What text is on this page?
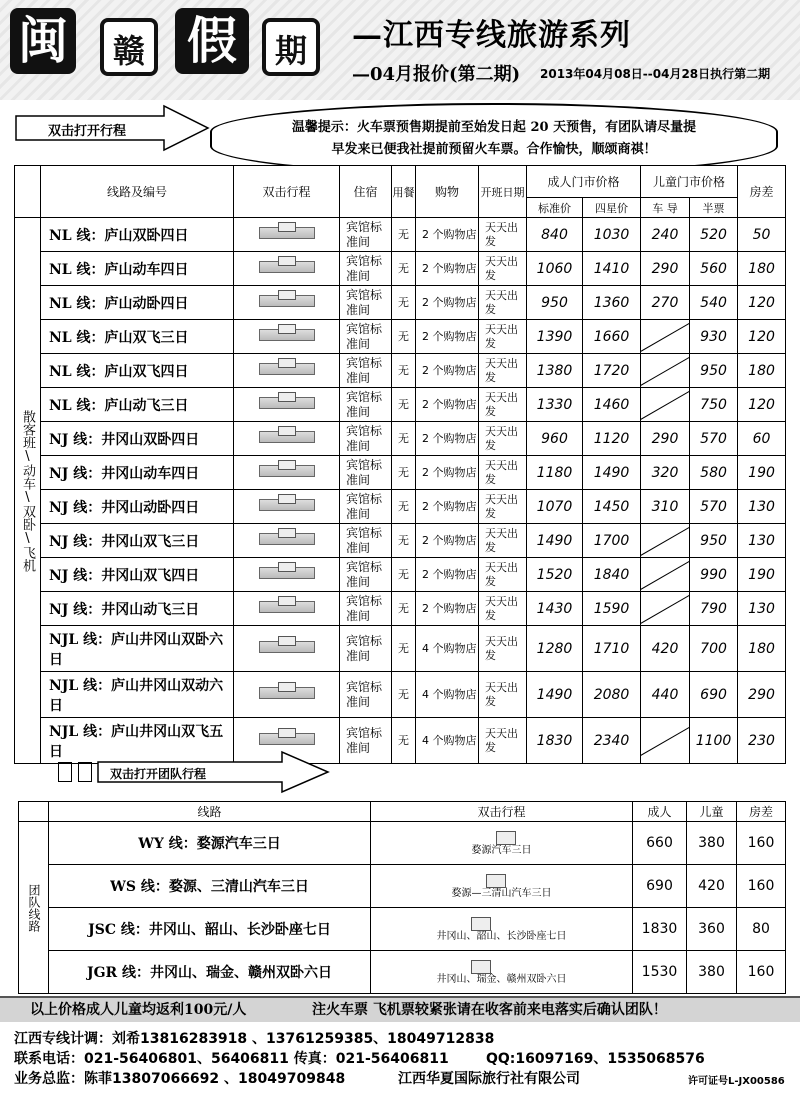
闽	赣 假	期	—江西专线旅游系列
—04月报价(第二期) 2013年04月08日--04月28日执行第二期
双击打开行程	温馨提示：火车票预售期提前至始发日起 20 天预售，有团队请尽量提
早发来已便我社提前预留火车票。合作愉快，顺颂商祺！
	线路及编号	双击行程	住宿	用餐	购物	开班日期	成人门市价格		儿童门市价格		房差
							标准价	四星价	车 导	半票	

散客班\动车\双卧\飞机	NL 线：庐山双卧四日		宾馆标准间	无	2 个购物店	天天出发	840	1030	240	520	50
	NL 线：庐山动车四日		宾馆标准间	无	2 个购物店	天天出发	1060	1410	290	560	180
	NL 线：庐山动卧四日		宾馆标准间	无	2 个购物店	天天出发	950	1360	270	540	120
	NL 线：庐山双飞三日		宾馆标准间	无	2 个购物店	天天出发	1390	1660		930	120
	NL 线：庐山双飞四日		宾馆标准间	无	2 个购物店	天天出发	1380	1720		950	180
	NL 线：庐山动飞三日		宾馆标准间	无	2 个购物店	天天出发	1330	1460		750	120
	NJ 线：井冈山双卧四日		宾馆标准间	无	2 个购物店	天天出发	960	1120	290	570	60
	NJ 线：井冈山动车四日		宾馆标准间	无	2 个购物店	天天出发	1180	1490	320	580	190
	NJ 线：井冈山动卧四日		宾馆标准间	无	2 个购物店	天天出发	1070	1450	310	570	130
	NJ 线：井冈山双飞三日		宾馆标准间	无	2 个购物店	天天出发	1490	1700		950	130
	NJ 线：井冈山双飞四日		宾馆标准间	无	2 个购物店	天天出发	1520	1840		990	190
	NJ 线：井冈山动飞三日		宾馆标准间	无	2 个购物店	天天出发	1430	1590		790	130
	NJL 线：庐山井冈山双卧六日		宾馆标准间	无	4 个购物店	天天出发	1280	1710	420	700	180
	NJL 线：庐山井冈山双动六日		宾馆标准间	无	4 个购物店	天天出发	1490	2080	440	690	290
	NJL 线：庐山井冈山双飞五日		宾馆标准间	无	4 个购物店	天天出发	1830	2340		1100	230
双击打开团队行程
	线路	双击行程	成人	儿童	房差

团队线路	WY 线：婺源汽车三日	婺源汽车三日	660	380	160
	WS 线：婺源、三清山汽车三日	婺源—三清山汽车三日	690	420	160
	JSC 线：井冈山、韶山、长沙卧座七日	井冈山、韶山、长沙卧座七日	1830	360	80
	JGR 线：井冈山、瑞金、赣州双卧六日	井冈山、瑞金、赣州双卧六日	1530	380	160
以上价格成人儿童均返利100元/人	注火车票 飞机票较紧张请在收客前来电落实后确认团队！
江西专线计调：刘希13816283918 、13761259385、18049712838
联系电话：021-56406801、56406811 传真：021-56406811	QQ:16097169、1535068576
业务总监：陈菲13807066692 、18049709848	江西华夏国际旅行社有限公司	许可证号L-JX00586
